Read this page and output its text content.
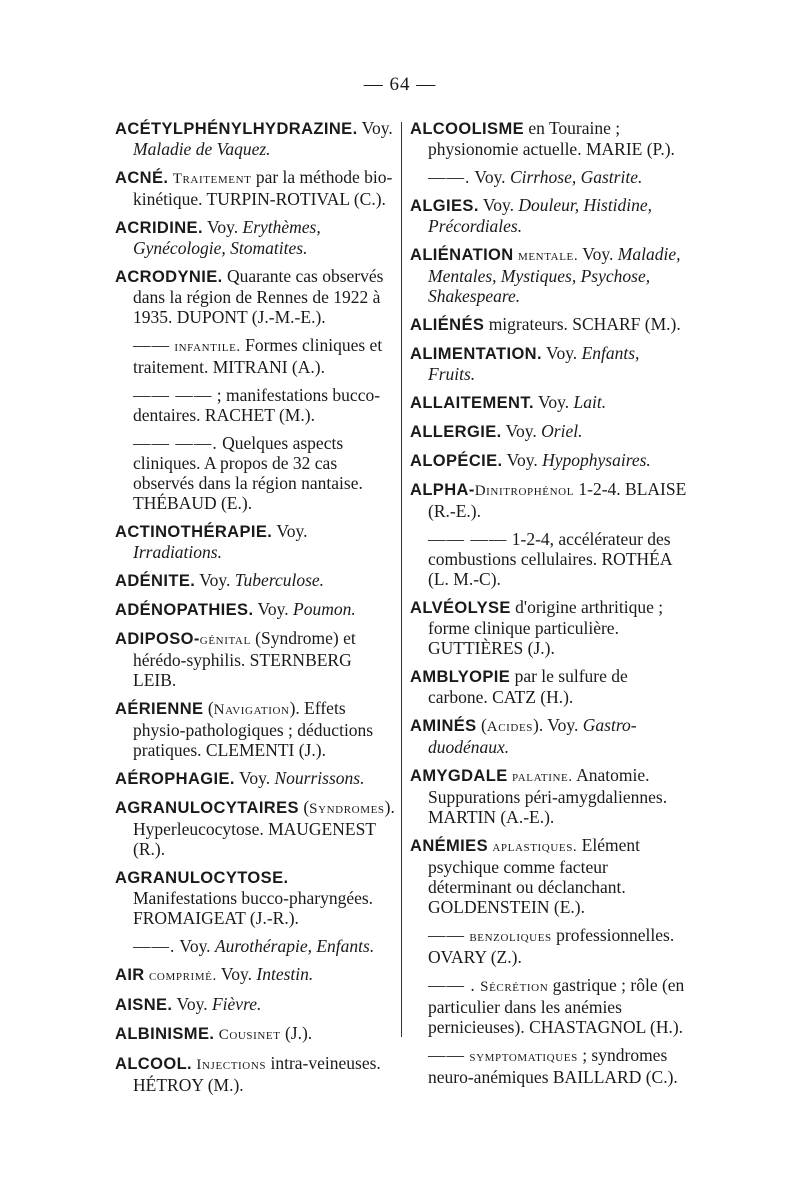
— 64 —

ACÉTYLPHÉNYLHYDRAZINE. Voy. Maladie de Vaquez.

ACNÉ. Traitement par la méthode bio-kinétique. TURPIN-ROTIVAL (C.).

ACRIDINE. Voy. Erythèmes, Gynécologie, Stomatites.

ACRODYNIE. Quarante cas observés dans la région de Rennes de 1922 à 1935. DUPONT (J.-M.-E.).

—— infantile. Formes cliniques et traitement. MITRANI (A.).

—— —— ; manifestations bucco-dentaires. RACHET (M.).

—— ——. Quelques aspects cliniques. A propos de 32 cas observés dans la région nantaise. THÉBAUD (E.).

ACTINOTHÉRAPIE. Voy. Irradiations.

ADÉNITE. Voy. Tuberculose.

ADÉNOPATHIES. Voy. Poumon.

ADIPOSO-génital (Syndrome) et hérédo-syphilis. STERNBERG LEIB.

AÉRIENNE (Navigation). Effets physio-pathologiques ; déductions pratiques. CLEMENTI (J.).

AÉROPHAGIE. Voy. Nourrissons.

AGRANULOCYTAIRES (Syndromes). Hyperleucocytose. MAUGENEST (R.).

AGRANULOCYTOSE. Manifestations bucco-pharyngées. FROMAIGEAT (J.-R.).

——. Voy. Aurothérapie, Enfants.

AIR comprimé. Voy. Intestin.

AISNE. Voy. Fièvre.

ALBINISME. Cousinet (J.).

ALCOOL. Injections intra-veineuses. HÉTROY (M.).

ALCOOLISME en Touraine ; physionomie actuelle. MARIE (P.).

——. Voy. Cirrhose, Gastrite.

ALGIES. Voy. Douleur, Histidine, Précordiales.

ALIÉNATION mentale. Voy. Maladie, Mentales, Mystiques, Psychose, Shakespeare.

ALIÉNÉS migrateurs. SCHARF (M.).

ALIMENTATION. Voy. Enfants, Fruits.

ALLAITEMENT. Voy. Lait.

ALLERGIE. Voy. Oriel.

ALOPÉCIE. Voy. Hypophysaires.

ALPHA-Dinitrophénol 1-2-4. BLAISE (R.-E.).

—— —— 1-2-4, accélérateur des combustions cellulaires. ROTHÉA (L. M.-C).

ALVÉOLYSE d'origine arthritique ; forme clinique particulière. GUTTIÈRES (J.).

AMBLYOPIE par le sulfure de carbone. CATZ (H.).

AMINÉS (Acides). Voy. Gastro-duodénaux.

AMYGDALE palatine. Anatomie. Suppurations péri-amygdaliennes. MARTIN (A.-E.).

ANÉMIES aplastiques. Elément psychique comme facteur déterminant ou déclanchant. GOLDENSTEIN (E.).

—— benzoliques professionnelles. OVARY (Z.).

—— . Sécrétion gastrique ; rôle (en particulier dans les anémies pernicieuses). CHASTAGNOL (H.).

—— symptomatiques ; syndromes neuro-anémiques BAILLARD (C.).
